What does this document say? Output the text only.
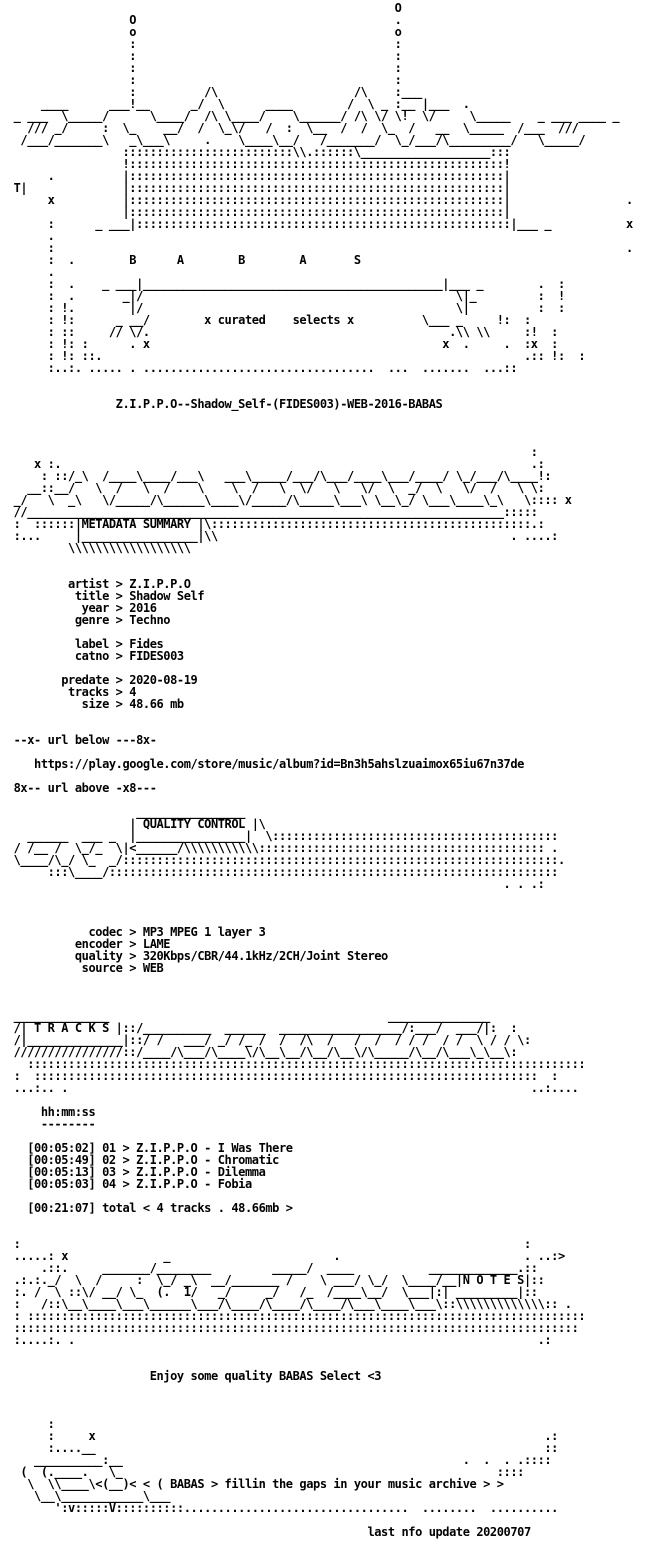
O
O                                      .
o                                      o
:                                      :
:                                      :
:                                      :
:                                      :
:          /\                    /\    :___
____      ___!__      _/  \      ____        /  \ _ :__ |___  .
_ ___  \_____/      \____/  /\ \____/    \______/ /\ \/ \!  \/     \_____    _ ___ ____ _
/// _/     :  \_    __/  /  \_\/   /  :  \__  /  /  \_  /   __  \_____  /___  ///
/___/_______\   _\___\     .    \____\__/   /_______/  \_/___/\_________/   \_____/
:::::::::::::::::::::::::\\.::::::\___________________:::
!:::::::::::::::::::::::::::::::::::::::::::::::::::::::!
.          |:::::::::::::::::::::::::::::::::::::::::::::::::::::::|
T|              |:::::::::::::::::::::::::::::::::::::::::::::::::::::::|
x          |:::::::::::::::::::::::::::::::::::::::::::::::::::::::|                 .
|:::::::::::::::::::::::::::::::::::::::::::::::::::::::|
:      _ ___|:::::::::::::::::::::::::::::::::::::::::::::::::::::::|___ _           x
.
:                                                                                    .
:  .        B      A        B        A       S
.
:  .    _ ___|____________________________________________|___ _        .  :
:  .       _|/                                              \|_         :  !
: !.        |/                                              \|          :  :
: !:      _ __/        x curated    selects x          \___ _     !:  :
: ::     // \/.                                            .\\ \\     :!  :
: !: :      . x                                           x  .     .  :x  :
: !: ::.                                                              .:: !:  :
:..:. ..... . ..................................  ...  .......  ...::
Z.I.P.P.O--Shadow_Self-(FIDES003)-WEB-2016-BABAS
:
x :.                                                                     .:
: ::/_\  /____\____/___\   ___\_____/___/\___/____\___/____/ \_/___/\____!:
__::__/   \  /   \  /    \    \  /   \  \/   \   \/  \  _/  \   \/  /   \ \:
_/   \  _\   \/_____/\______\____\/_____/\_____\___\ \__\_/ \___\____\_\   \:::: x
//______________________________________________________________________:::::
:  ::::::|METADATA SUMMARY |\:::::::::::::::::::::::::::::::::::::::::::::::.:
:...     |_________________|\\                                           . ....:
\\\\\\\\\\\\\\\\\\
artist > Z.I.P.P.O
title > Shadow Self
year > 2016
genre > Techno
label > Fides
catno > FIDES003
predate > 2020-08-19
tracks > 4
size > 48.66 mb
--x- url below ---8x-
https://play.google.com/store/music/album?id=Bn3h5ahslzuaimox65iu67n37de
8x-- url above -x8---
________________
| QUALITY CONTROL |\
______  ___ _  |________________|  \::::::::::::::::::::::::::::::::::::::::::
/ /__ /  \_/_  \|<______/\\\\\\\\\\\:::::::::::::::::::::::::::::::::::::::::: .
\____/\_/ \_  _/::::::::::::::::::::::::::::::::::::::::::::::::::::::::::::::::.
:::\____/::::::::::::::::::::::::::::::::::::::::::::::::::::::::::::::::::
. . .:
codec > MP3 MPEG 1 layer 3
encoder > LAME
quality > 320Kbps/CBR/44.1kHz/2CH/Joint Stereo
source > WEB
______________                                         _______________
/| T R A C K S |::/__________  ______  __________________/:___/  ___/|:  :
/|______________|::/ /   ___/ _/ /_ /  /  /\  /   /  /  / / /  / /  \ / / \:
////////////////::/____/\___/\____\/\__\__/\__/\__\/\_____/\__/\___\_\__\:
::::::::::::::::::::::::::::::::::::::::::::::::::::::::::::::::::::::::::::::::::
:  ::::::::::::::::::::::::::::::::::::::::::::::::::::::::::::::::::::::::::  :
...:.. .                                                                    ..:....
hh:mm:ss
--------
[00:05:02] 01 > Z.I.P.P.O - I Was There
[00:05:49] 02 > Z.I.P.P.O - Chromatic
[00:05:13] 03 > Z.I.P.P.O - Dilemma
[00:05:03] 04 > Z.I.P.P.O - Fobia
[00:21:07] total < 4 tracks . 48.66mb >
:                                                                          :
.....: x              _                        .                           . ..:>
.::.     _______/________         _____/  ____           _____________.::
.:.:._/  \  /     :  \_/ _\  __/_______ /    \ ___/ \_/  \____/__|N O T E S|::
:. /  \ ::\/ __/ \_  (.  1/   _/     _/   /_  /____\__/  \___|:| _________|::
:   /::\__\____\___\______\___/\____/\____/\____/\___\____\___\::\\\\\\\\\\\\\:: .
: ::::::::::::::::::::::::::::::::::::::::::::::::::::::::::::::::::::::::::::::::::
:::::::::::::::::::::::::::::::::::::::::::::::::::::::::::::::::::::::::::::::::::
:....:. .                                                                    .:
Enjoy some quality BABAS Select <3
:
:     x                                                                  .:
:....__                                                                  ::
__________:__                                                  .  .  . .::::
(  (.____.   \_                                                       ::::
\  \\____\<(__)< < ( BABAS > fillin the gaps in your music archive > >
\__\____________\___
':v:::::V::::::::::.................................  ........  ..........
last nfo update 20200707
